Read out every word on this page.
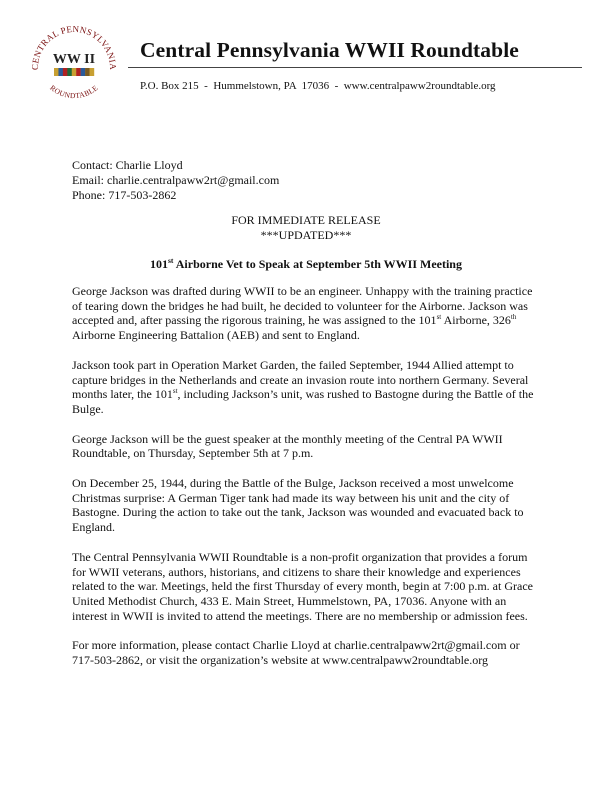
CENTRAL PENNSYLVANIA
WW II
ROUNDTABLE
Central Pennsylvania WWII Roundtable
P.O. Box 215  -  Hummelstown, PA  17036  -  www.centralpaww2roundtable.org
Contact: Charlie Lloyd
Email: charlie.centralpaww2rt@gmail.com
Phone: 717-503-2862
FOR IMMEDIATE RELEASE
***UPDATED***
101st Airborne Vet to Speak at September 5th WWII Meeting

George Jackson was drafted during WWII to be an engineer. Unhappy with the training practice of tearing down the bridges he had built, he decided to volunteer for the Airborne. Jackson was accepted and, after passing the rigorous training, he was assigned to the 101st Airborne, 326th Airborne Engineering Battalion (AEB) and sent to England.

Jackson took part in Operation Market Garden, the failed September, 1944 Allied attempt to capture bridges in the Netherlands and create an invasion route into northern Germany. Several months later, the 101st, including Jackson’s unit, was rushed to Bastogne during the Battle of the Bulge.

George Jackson will be the guest speaker at the monthly meeting of the Central PA WWII Roundtable, on Thursday, September 5th at 7 p.m.

On December 25, 1944, during the Battle of the Bulge, Jackson received a most unwelcome Christmas surprise: A German Tiger tank had made its way between his unit and the city of Bastogne. During the action to take out the tank, Jackson was wounded and evacuated back to England.

The Central Pennsylvania WWII Roundtable is a non-profit organization that provides a forum for WWII veterans, authors, historians, and citizens to share their knowledge and experiences related to the war. Meetings, held the first Thursday of every month, begin at 7:00 p.m. at Grace United Methodist Church, 433 E. Main Street, Hummelstown, PA, 17036. Anyone with an interest in WWII is invited to attend the meetings. There are no membership or admission fees.

For more information, please contact Charlie Lloyd at charlie.centralpaww2rt@gmail.com or 717-503-2862, or visit the organization’s website at www.centralpaww2roundtable.org
